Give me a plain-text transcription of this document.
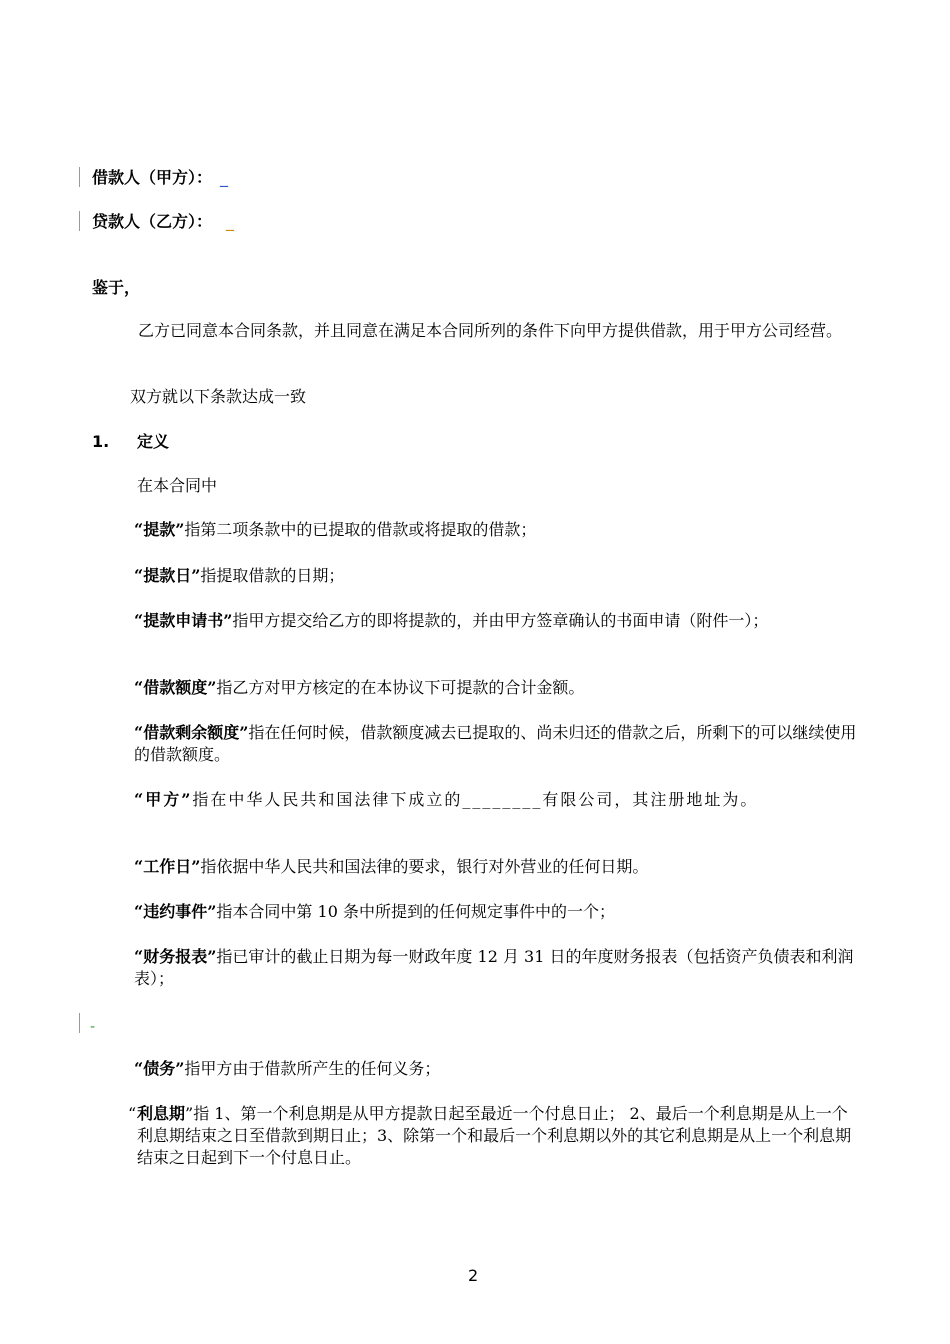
借款人（甲方）： _
贷款人（乙方）： _
鉴于，
乙方已同意本合同条款，并且同意在满足本合同所列的条件下向甲方提供借款，用于甲方公司经营。
双方就以下条款达成一致
1. 定义
在本合同中
“提款”指第二项条款中的已提取的借款或将提取的借款；
“提款日”指提取借款的日期；
“提款申请书”指甲方提交给乙方的即将提款的，并由甲方签章确认的书面申请（附件一）；
“借款额度”指乙方对甲方核定的在本协议下可提款的合计金额。
“借款剩余额度”指在任何时候，借款额度减去已提取的、尚未归还的借款之后，所剩下的可以继续使用的借款额度。
“甲方”指在中华人民共和国法律下成立的________有限公司，其注册地址为。
“工作日”指依据中华人民共和国法律的要求，银行对外营业的任何日期。
“违约事件”指本合同中第 10 条中所提到的任何规定事件中的一个；
“财务报表”指已审计的截止日期为每一财政年度 12 月 31 日的年度财务报表（包括资产负债表和利润表）；
-
“债务”指甲方由于借款所产生的任何义务；
“ 利息期”指 1、第一个利息期是从甲方提款日起至最近一个付息日止； 2、最后一个利息期是从上一个利息期结束之日至借款到期日止；3、除第一个和最后一个利息期以外的其它利息期是从上一个利息期结束之日起到下一个付息日止。
2
